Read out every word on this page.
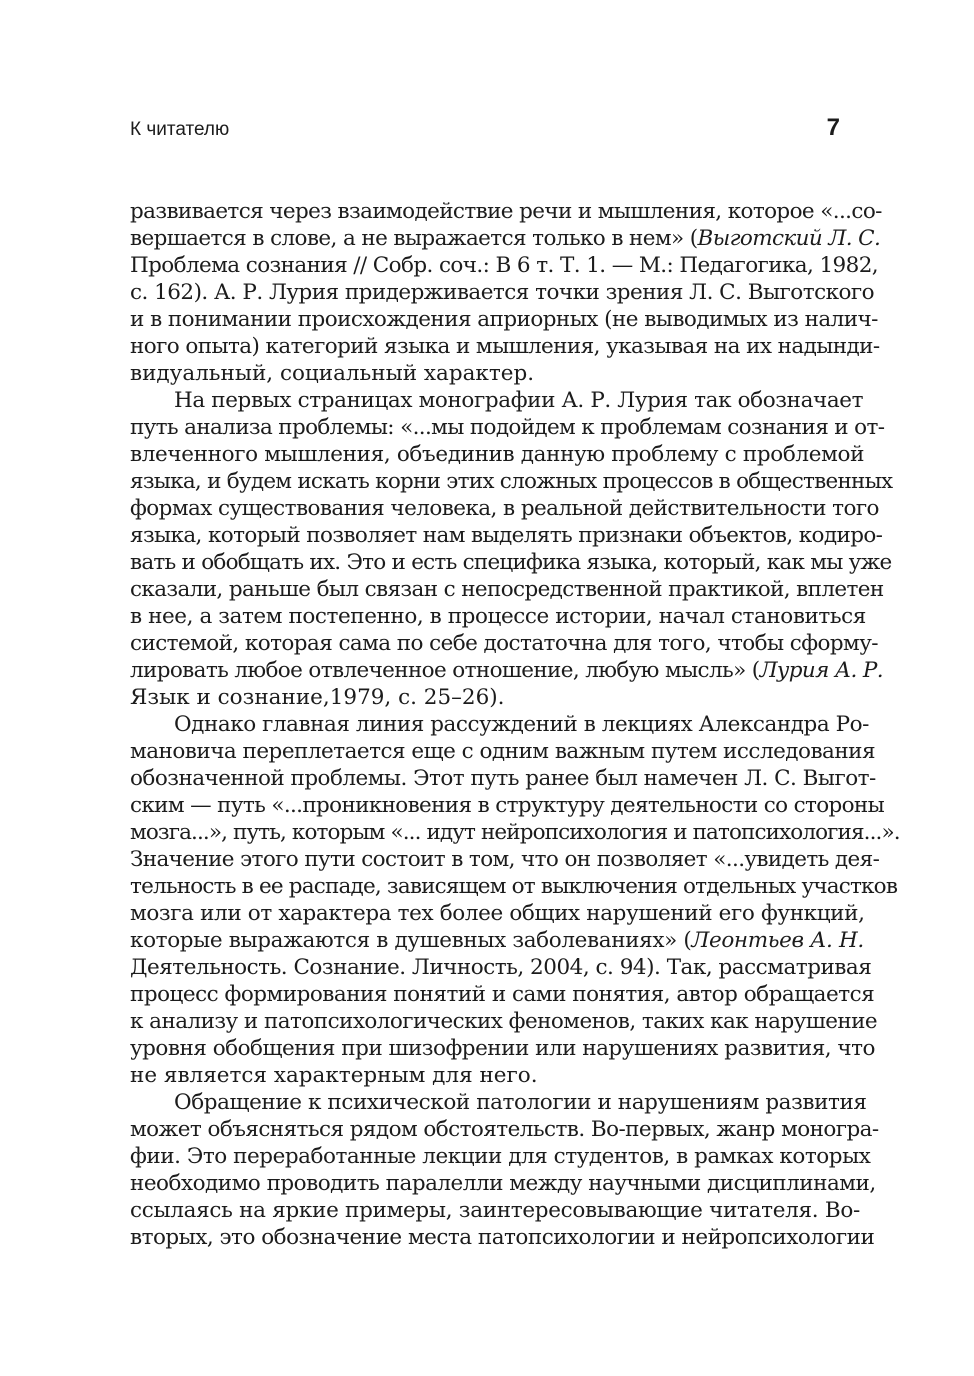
К читателю	7
развивается через взаимодействие речи и мышления, которое «...со-
вершается в слове, а не выражается только в нем» (Выготский Л. С.
Проблема сознания // Собр. соч.: В 6 т. Т. 1. — М.: Педагогика, 1982,
с. 162). А. Р. Лурия придерживается точки зрения Л. С. Выготского
и в понимании происхождения априорных (не выводимых из налич-
ного опыта) категорий языка и мышления, указывая на их надынди-
видуальный, социальный характер.
На первых страницах монографии А. Р. Лурия так обозначает
путь анализа проблемы: «...мы подойдем к проблемам сознания и от-
влеченного мышления, объединив данную проблему с проблемой
языка, и будем искать корни этих сложных процессов в общественных
формах существования человека, в реальной действительности того
языка, который позволяет нам выделять признаки объектов, кодиро-
вать и обобщать их. Это и есть специфика языка, который, как мы уже
сказали, раньше был связан с непосредственной практикой, вплетен
в нее, а затем постепенно, в процессе истории, начал становиться
системой, которая сама по себе достаточна для того, чтобы сформу-
лировать любое отвлеченное отношение, любую мысль» (Лурия А. Р.
Язык и сознание,1979, с. 25–26).
Однако главная линия рассуждений в лекциях Александра Ро-
мановича переплетается еще с одним важным путем исследования
обозначенной проблемы. Этот путь ранее был намечен Л. С. Выгот-
ским — путь «...проникновения в структуру деятельности со стороны
мозга...», путь, которым «... идут нейропсихология и патопсихология...».
Значение этого пути состоит в том, что он позволяет «...увидеть дея-
тельность в ее распаде, зависящем от выключения отдельных участков
мозга или от характера тех более общих нарушений его функций,
которые выражаются в душевных заболеваниях» (Леонтьев А. Н.
Деятельность. Сознание. Личность, 2004, с. 94). Так, рассматривая
процесс формирования понятий и сами понятия, автор обращается
к анализу и патопсихологических феноменов, таких как нарушение
уровня обобщения при шизофрении или нарушениях развития, что
не является характерным для него.
Обращение к психической патологии и нарушениям развития
может объясняться рядом обстоятельств. Во-первых, жанр моногра-
фии. Это переработанные лекции для студентов, в рамках которых
необходимо проводить паралелли между научными дисциплинами,
ссылаясь на яркие примеры, заинтересовывающие читателя. Во-
вторых, это обозначение места патопсихологии и нейропсихологии
